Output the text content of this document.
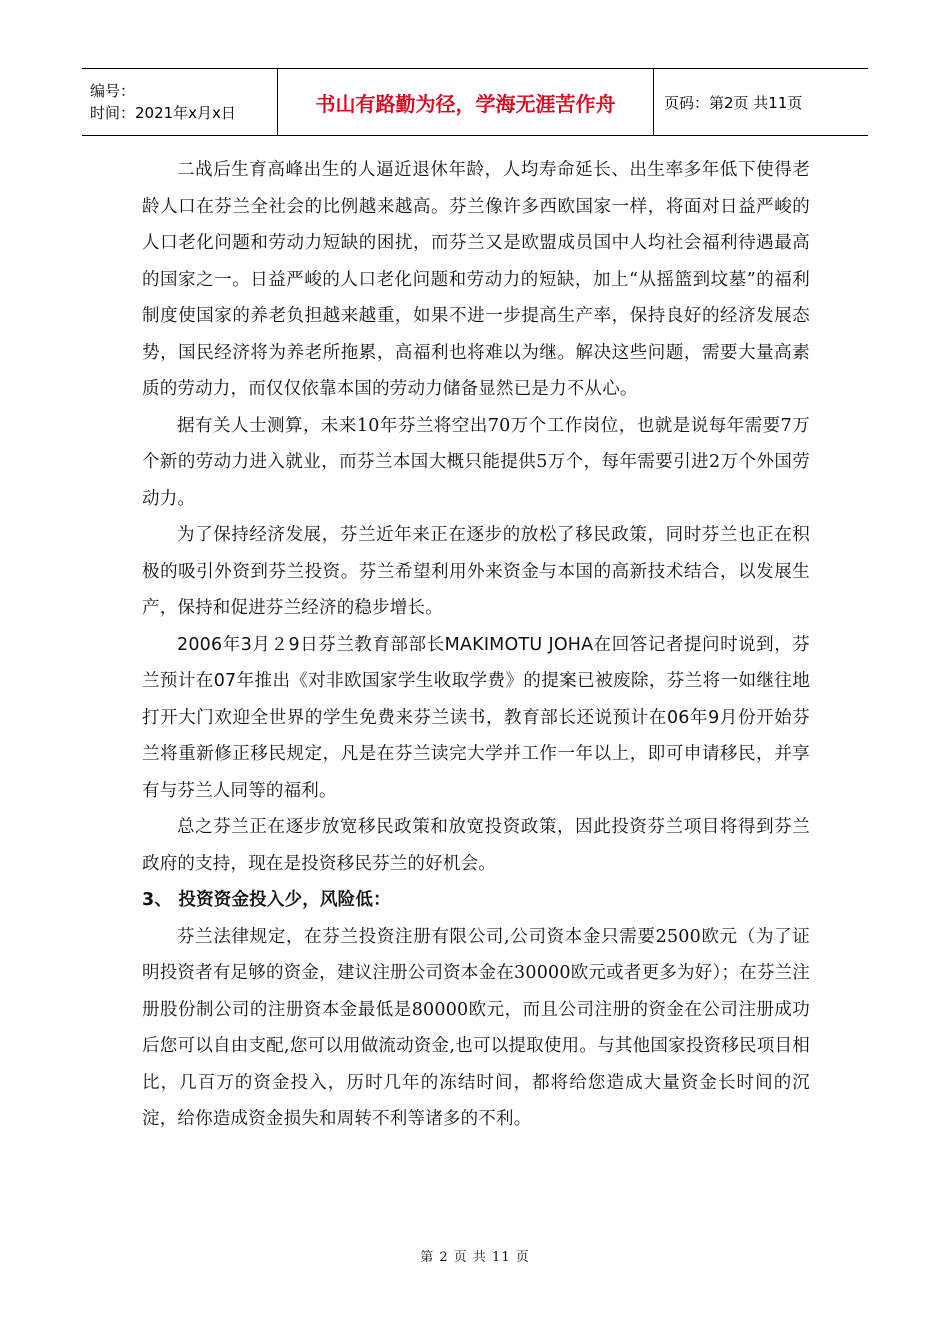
编号：
时间：2021年x月x日	书山有路勤为径，学海无涯苦作舟	页码：第2页 共11页

二战后生育高峰出生的人逼近退休年龄，人均寿命延长、出生率多年低下使得老龄人口在芬兰全社会的比例越来越高。芬兰像许多西欧国家一样，将面对日益严峻的人口老化问题和劳动力短缺的困扰，而芬兰又是欧盟成员国中人均社会福利待遇最高的国家之一。日益严峻的人口老化问题和劳动力的短缺，加上“从摇篮到坟墓”的福利制度使国家的养老负担越来越重，如果不进一步提高生产率，保持良好的经济发展态势，国民经济将为养老所拖累，高福利也将难以为继。解决这些问题，需要大量高素质的劳动力，而仅仅依靠本国的劳动力储备显然已是力不从心。

据有关人士测算，未来10年芬兰将空出70万个工作岗位，也就是说每年需要7万个新的劳动力进入就业，而芬兰本国大概只能提供5万个，每年需要引进2万个外国劳动力。

为了保持经济发展，芬兰近年来正在逐步的放松了移民政策，同时芬兰也正在积极的吸引外资到芬兰投资。芬兰希望利用外来资金与本国的高新技术结合，以发展生产，保持和促进芬兰经济的稳步增长。

2006年3月２9日芬兰教育部部长MAKIMOTU JOHA在回答记者提问时说到，芬兰预计在07年推出《对非欧国家学生收取学费》的提案已被废除，芬兰将一如继往地打开大门欢迎全世界的学生免费来芬兰读书，教育部长还说预计在06年9月份开始芬兰将重新修正移民规定，凡是在芬兰读完大学并工作一年以上，即可申请移民，并享有与芬兰人同等的福利。

总之芬兰正在逐步放宽移民政策和放宽投资政策，因此投资芬兰项目将得到芬兰政府的支持，现在是投资移民芬兰的好机会。

3、 投资资金投入少，风险低：

芬兰法律规定，在芬兰投资注册有限公司,公司资本金只需要2500欧元（为了证明投资者有足够的资金，建议注册公司资本金在30000欧元或者更多为好）；在芬兰注册股份制公司的注册资本金最低是80000欧元，而且公司注册的资金在公司注册成功后您可以自由支配,您可以用做流动资金,也可以提取使用。与其他国家投资移民项目相比，几百万的资金投入，历时几年的冻结时间，都将给您造成大量资金长时间的沉淀，给你造成资金损失和周转不利等诸多的不利。

第 2 页 共 11 页
